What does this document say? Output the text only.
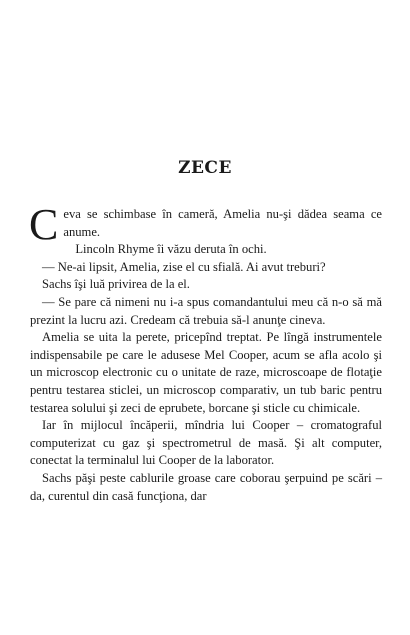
ZECE

Ceva se schimbase în cameră, Amelia nu-şi dădea seama ce anume.

Lincoln Rhyme îi văzu deruta în ochi.

— Ne-ai lipsit, Amelia, zise el cu sfială. Ai avut treburi?

Sachs îşi luă privirea de la el.

— Se pare că nimeni nu i-a spus comandantului meu că n-o să mă prezint la lucru azi. Credeam că trebuia să-l anunţe cineva.

Amelia se uita la perete, pricepînd treptat. Pe lîngă instrumentele indispensabile pe care le adusese Mel Cooper, acum se afla acolo şi un microscop electronic cu o unitate de raze, microscoape de flotaţie pentru testarea sticlei, un microscop comparativ, un tub baric pentru testarea solului şi zeci de eprubete, borcane şi sticle cu chimicale.

Iar în mijlocul încăperii, mîndria lui Cooper – cromatograful computerizat cu gaz şi spectrometrul de masă. Şi alt computer, conectat la terminalul lui Cooper de la laborator.

Sachs păşi peste cablurile groase care coborau şerpuind pe scări – da, curentul din casă funcţiona, dar
